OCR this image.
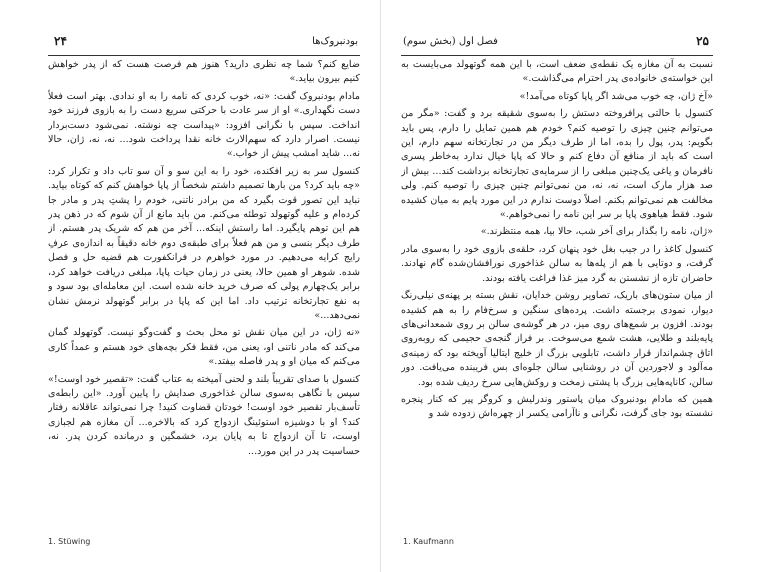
۲۴	بودنبروک‌ها

ضایع کنم؟ شما چه نظری دارید؟ هنوز هم فرصت هست که از پدر خواهش کنیم بیرون بیاید.»

مادام بودنبروک گفت: «نه، خوب کردی که نامه را به او ندادی. بهتر است فعلاً دست نگهداری.» او از سر عادت با حرکتی سریع دست را به بازوی فرزند خود انداخت. سپس با نگرانی افزود: «پیداست چه نوشته. نمی‌شود دست‌بردار نیست. اصرار دارد که سهم‌الارث خانه نقدا پرداخت شود... نه، نه، ژان، حالا نه... شاید امشب پیش از خواب.»

کنسول سر به زیر افکنده، خود را به این سو و آن سو تاب داد و تکرار کرد: «چه باید کرد؟ من بارها تصمیم داشتم شخصاً از پاپا خواهش کنم که کوتاه بیاید. نباید این تصور قوت بگیرد که من برادر ناتنی، خودم را پشتِ پدر و مادر جا کرده‌ام و علیه گوتهولد توطئه می‌کنم. من باید مانع از آن شوم که در ذهن پدر هم این توهم پایگیرد. اما راستش اینکه... آخر من هم که شریک پدر هستم. از طرف دیگر بنسی و من هم فعلاً برای طبقه‌ی دوم خانه دقیقاً به اندازه‌ی عرفِ رایج کرایه می‌دهیم. در مورد خواهرم در فرانکفورت هم قضیه حل و فصل شده. شوهر او همین حالا، یعنی در زمان حیات پاپا، مبلغی دریافت خواهد کرد، برابر یک‌چهارم پولی که صرف خرید خانه شده است. این معامله‌ای بود سود و به نفع تجارتخانه ترتیب داد. اما این که پاپا در برابر گوتهولد نرمش نشان نمی‌دهد...»

«نه ژان، در این میان نقش تو محل بحث و گفت‌وگو نیست. گوتهولد گمان می‌کند که مادر ناتنی او، یعنی من، فقط فکر بچه‌های خود هستم و عمداً کاری می‌کنم که میان او و پدر فاصله بیفتد.»

کنسول با صدای تقریباً بلند و لحنی آمیخته به عتاب گفت: «تقصیر خود اوست!» سپس با نگاهی به‌سوی سالن غذاخوری صدایش را پایین آورد. «این رابطه‌ی تأسف‌بار تقصیر خود اوست! خودتان قضاوت کنید! چرا نمی‌تواند عاقلانه رفتار کند؟ او با دوشیزه استوئینگ ازدواج کرد که بالاخره... آن مغازه هم لجبازی اوست، تا آن ازدواج تا به پایان برد، خشمگین و درمانده کردن پدر. نه، حساسیت پدر در این مورد...

1. Stüwing
۲۵
فصل اول (بخش سوم)

نسبت به آن مغازه یک نقطه‌ی ضعف است، با این همه گوتهولد می‌بایست به این خواسته‌ی خانواده‌ی پدر احترام می‌گذاشت.»

«آخ ژان، چه خوب می‌شد اگر پاپا کوتاه می‌آمد!»

کنسول با حالتی پرافروخته دستش را به‌سوی شقیقه برد و گفت: «مگر من می‌توانم چنین چیزی را توصیه کنم؟ خودم هم همین تمایل را دارم، پس باید بگویم: پدر، پول را بده، اما از طرف دیگر من در تجارتخانه سهم دارم، این است که باید از منافع آن دفاع کنم و حالا که پاپا خیال ندارد به‌خاطر پسری نافرمان و یاغی یک‌چنین مبلغی را از سرمایه‌ی تجارتخانه برداشت کند... بیش از صد هزار مارک است، نه، نه، من نمی‌توانم چنین چیزی را توصیه کنم. ولی مخالفت هم نمی‌توانم بکنم. اصلاً دوست ندارم در این مورد پایم به میان کشیده شود. فقط هیاهوی پاپا بر سر این نامه را نمی‌خواهم.»

«ژان، نامه را بگذار برای آخر شب، حالا بیا، همه منتظرند.»

کنسول کاغذ را در جیب بغل خود پنهان کرد، حلقه‌ی بازوی خود را به‌سوی مادر گرفت، و دوتایی با هم از پله‌ها به سالن غذاخوری نورافشان‌شده گام نهادند. حاضران تازه از نشستن به گرد میز غذا فراغت یافته بودند.

از میان ستون‌های باریک، تصاویر روشن خدایان، نقش بسته بر پهنه‌ی نیلی‌رنگ دیوار، نمودی برجسته داشت. پرده‌های سنگین و سرخ‌فام را به هم کشیده بودند. افزون بر شمع‌های روی میز، در هر گوشه‌ی سالن بر روی شمعدانی‌های پایه‌بلند و طلایی، هشت شمع می‌سوخت. بر فراز گنجه‌ی حجیمی که روبه‌روی اتاق چشم‌انداز قرار داشت، تابلویی بزرگ از خلیج ایتالیا آویخته بود که زمینه‌ی مه‌آلود و لاجوردین آن در روشنایی سالن جلوه‌ای بس فریبنده می‌یافت. دور سالن، کاناپه‌هایی بزرگ با پشتی زمخت و روکش‌هایی سرخ ردیف شده بود.

همین که مادام بودنبروک میان پاستور وندرلیش و کروگر پیر که کنار پنجره نشسته بود جای گرفت، نگرانی و ناآرامی یکسر از چهره‌اش زدوده شد و

1. Kaufmann
